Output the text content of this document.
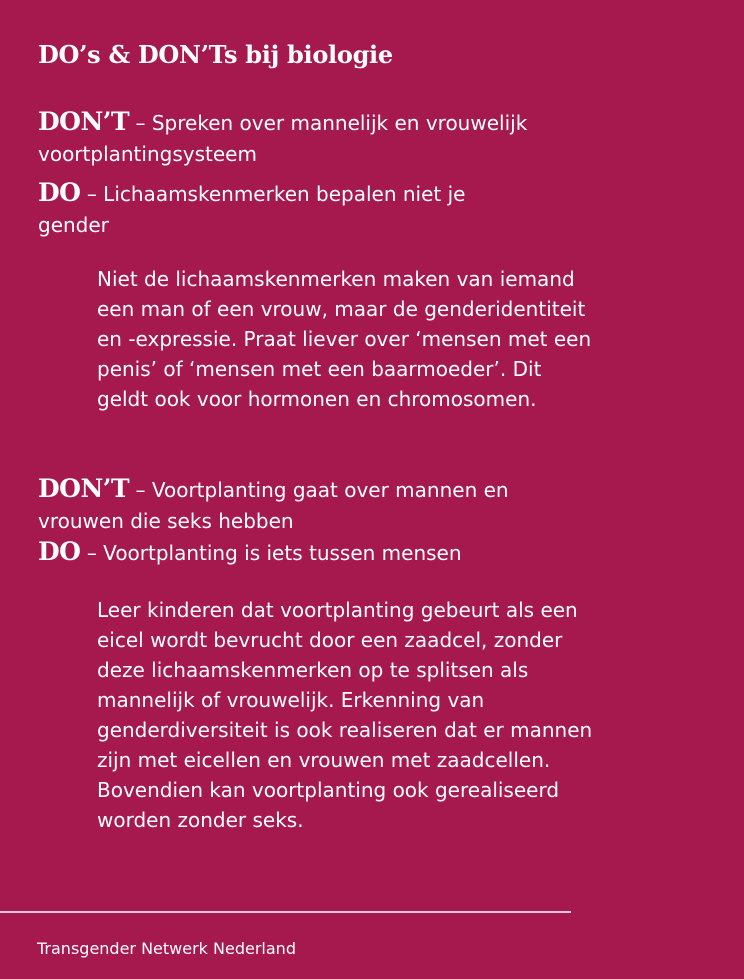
DO’s & DON’Ts bij biologie
DON’T – Spreken over mannelijk en vrouwelijk voortplantingsysteem
DO – Lichaamskenmerken bepalen niet je gender
Niet de lichaamskenmerken maken van iemand een man of een vrouw, maar de genderidentiteit en -expressie. Praat liever over ‘mensen met een penis’ of ‘mensen met een baarmoeder’. Dit geldt ook voor hormonen en chromosomen.
DON’T – Voortplanting gaat over mannen en vrouwen die seks hebben
DO – Voortplanting is iets tussen mensen
Leer kinderen dat voortplanting gebeurt als een eicel wordt bevrucht door een zaadcel, zonder deze lichaamskenmerken op te splitsen als mannelijk of vrouwelijk. Erkenning van genderdiversiteit is ook realiseren dat er mannen zijn met eicellen en vrouwen met zaadcellen. Bovendien kan voortplanting ook gerealiseerd worden zonder seks.
Transgender Netwerk Nederland
